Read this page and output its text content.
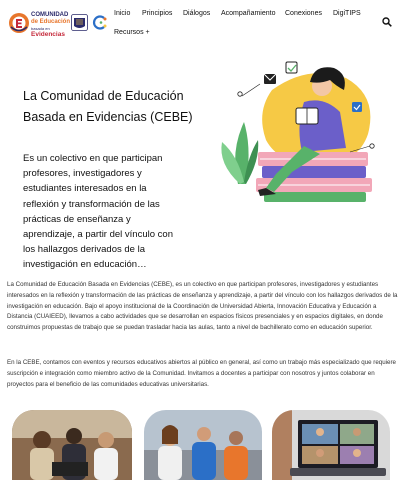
COMUNIDAD
de Educación
basada en
Evidencias
Inicio Principios Diálogos Acompañamiento Conexiones DigiTIPS
Recursos +
La Comunidad de Educación Basada en Evidencias (CEBE)

Es un colectivo en que participan profesores, investigadores y estudiantes interesados en la reflexión y transformación de las prácticas de enseñanza y aprendizaje, a partir del vínculo con los hallazgos derivados de la investigación en educación…

La Comunidad de Educación Basada en Evidencias (CEBE), es un colectivo en que participan profesores, investigadores y estudiantes interesados en la reflexión y transformación de las prácticas de enseñanza y aprendizaje, a partir del vínculo con los hallazgos derivados de la investigación en educación. Bajo el apoyo institucional de la Coordinación de Universidad Abierta, Innovación Educativa y Educación a Distancia (CUAIEED), llevamos a cabo actividades que se desarrollan en espacios físicos presenciales y en espacios digitales, en donde construimos propuestas de trabajo que se puedan trasladar hacia las aulas, tanto a nivel de bachillerato como en educación superior.

En la CEBE, contamos con eventos y recursos educativos abiertos al público en general, así como un trabajo más especializado que requiere suscripción e integración como miembro activo de la Comunidad. Invitamos a docentes a participar con nosotros y juntos colaborar en proyectos para el beneficio de las comunidades educativas universitarias.
